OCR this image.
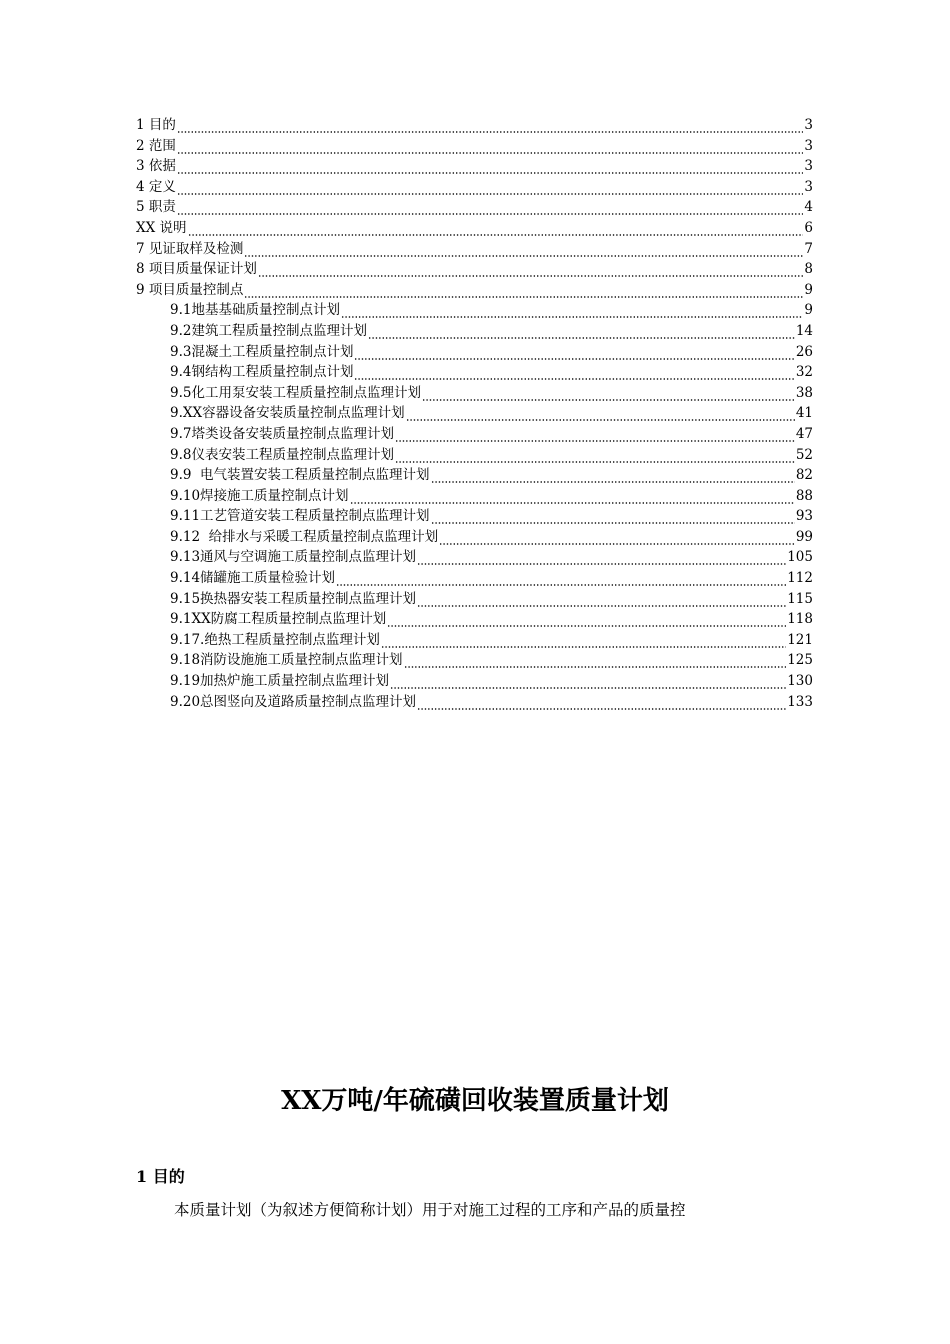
1 目的	3
2 范围	3
3 依据	3
4 定义	3
5 职责	4
XX 说明	6
7 见证取样及检测	7
8 项目质量保证计划	8
9 项目质量控制点	9
9.1地基基础质量控制点计划	9
9.2建筑工程质量控制点监理计划	14
9.3混凝土工程质量控制点计划	26
9.4钢结构工程质量控制点计划	32
9.5化工用泵安装工程质量控制点监理计划	38
9.XX容器设备安装质量控制点监理计划	41
9.7塔类设备安装质量控制点监理计划	47
9.8仪表安装工程质量控制点监理计划	52
9.9  电气装置安装工程质量控制点监理计划	82
9.10焊接施工质量控制点计划	88
9.11工艺管道安装工程质量控制点监理计划	93
9.12  给排水与采暖工程质量控制点监理计划	99
9.13通风与空调施工质量控制点监理计划	105
9.14储罐施工质量检验计划	112
9.15换热器安装工程质量控制点监理计划	115
9.1XX防腐工程质量控制点监理计划	118
9.17.绝热工程质量控制点监理计划	121
9.18消防设施施工质量控制点监理计划	125
9.19加热炉施工质量控制点监理计划	130
9.20总图竖向及道路质量控制点监理计划	133
XX万吨/年硫磺回收装置质量计划
1 目的
本质量计划（为叙述方便简称计划）用于对施工过程的工序和产品的质量控
